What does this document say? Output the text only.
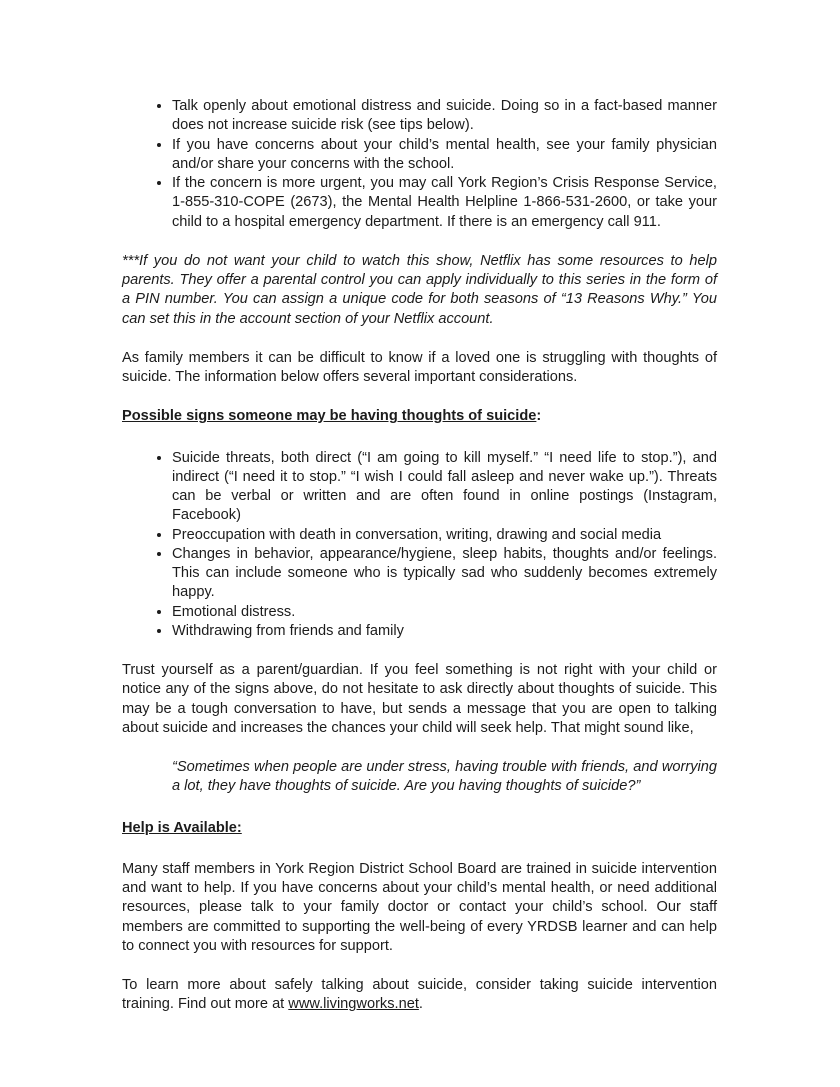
• Talk openly about emotional distress and suicide. Doing so in a fact-based manner does not increase suicide risk (see tips below).
• If you have concerns about your child’s mental health, see your family physician and/or share your concerns with the school.
• If the concern is more urgent, you may call York Region’s Crisis Response Service, 1-855-310-COPE (2673), the Mental Health Helpline 1-866-531-2600, or take your child to a hospital emergency department. If there is an emergency call 911.

***If you do not want your child to watch this show, Netflix has some resources to help parents. They offer a parental control you can apply individually to this series in the form of a PIN number. You can assign a unique code for both seasons of “13 Reasons Why.” You can set this in the account section of your Netflix account.

As family members it can be difficult to know if a loved one is struggling with thoughts of suicide. The information below offers several important considerations.

Possible signs someone may be having thoughts of suicide:
• Suicide threats, both direct (“I am going to kill myself.” “I need life to stop.”), and indirect (“I need it to stop.” “I wish I could fall asleep and never wake up.”). Threats can be verbal or written and are often found in online postings (Instagram, Facebook)
• Preoccupation with death in conversation, writing, drawing and social media
• Changes in behavior, appearance/hygiene, sleep habits, thoughts and/or feelings. This can include someone who is typically sad who suddenly becomes extremely happy.
• Emotional distress.
• Withdrawing from friends and family

Trust yourself as a parent/guardian. If you feel something is not right with your child or notice any of the signs above, do not hesitate to ask directly about thoughts of suicide. This may be a tough conversation to have, but sends a message that you are open to talking about suicide and increases the chances your child will seek help. That might sound like,

“Sometimes when people are under stress, having trouble with friends, and worrying a lot, they have thoughts of suicide. Are you having thoughts of suicide?”
Help is Available:

Many staff members in York Region District School Board are trained in suicide intervention and want to help. If you have concerns about your child’s mental health, or need additional resources, please talk to your family doctor or contact your child’s school. Our staff members are committed to supporting the well-being of every YRDSB learner and can help to connect you with resources for support.

To learn more about safely talking about suicide, consider taking suicide intervention training. Find out more at www.livingworks.net.
